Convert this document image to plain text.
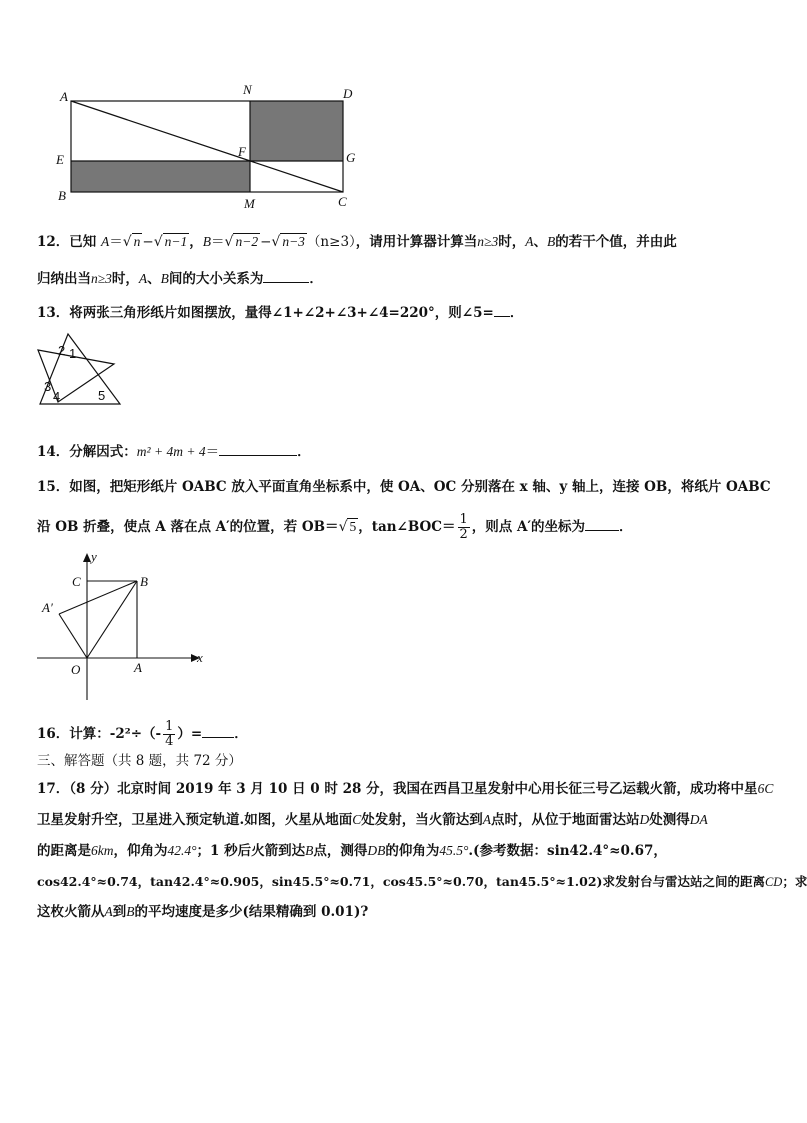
A	N	D
E
F	G
B
M	C
12．已知 A＝√ n −√ n−1 ，B＝√ n−2 −√ n−3 （n≥3），请用计算器计算当n≥3时，A、B的若干个值，并由此
归纳出当n≥3时，A、B间的大小关系为	．
13．将两张三角形纸片如图摆放，量得∠1+∠2+∠3+∠4=220°，则∠5= ．
2 1
3
4	5
14．分解因式：m² + 4m + 4＝	．
15．如图，把矩形纸片 OABC 放入平面直角坐标系中，使 OA、OC 分别落在 x 轴、y 轴上，连接 OB，将纸片 OABC
沿 OB 折叠，使点 A 落在点 A′的位置，若 OB＝√ 5 ，tan∠BOC＝ $\frac{1}{2}$ ，则点 A′的坐标为	．
y
x
C	B
A′
O	A
16．计算：$-2^2\div(- \frac{1}{4}$ ）= ．
三、解答题（共 8 题，共 72 分）
17．（8 分）北京时间 2019 年 3 月 10 日 0 时 28 分，我国在西昌卫星发射中心用长征三号乙运载火箭，成功将中星6C
卫星发射升空，卫星进入预定轨道.如图，火星从地面C处发射，当火箭达到A点时，从位于地面雷达站D处测得DA
的距离是6km，仰角为42.4°；1 秒后火箭到达B点，测得DB的仰角为45.5°.(参考数据：sin42.4°≈0.67，
cos42.4°≈0.74，tan42.4°≈0.905，sin45.5°≈0.71，cos45.5°≈0.70，tan45.5°≈1.02)求发射台与雷达站之间的距离CD；求
这枚火箭从A到B的平均速度是多少(结果精确到 0.01)?
